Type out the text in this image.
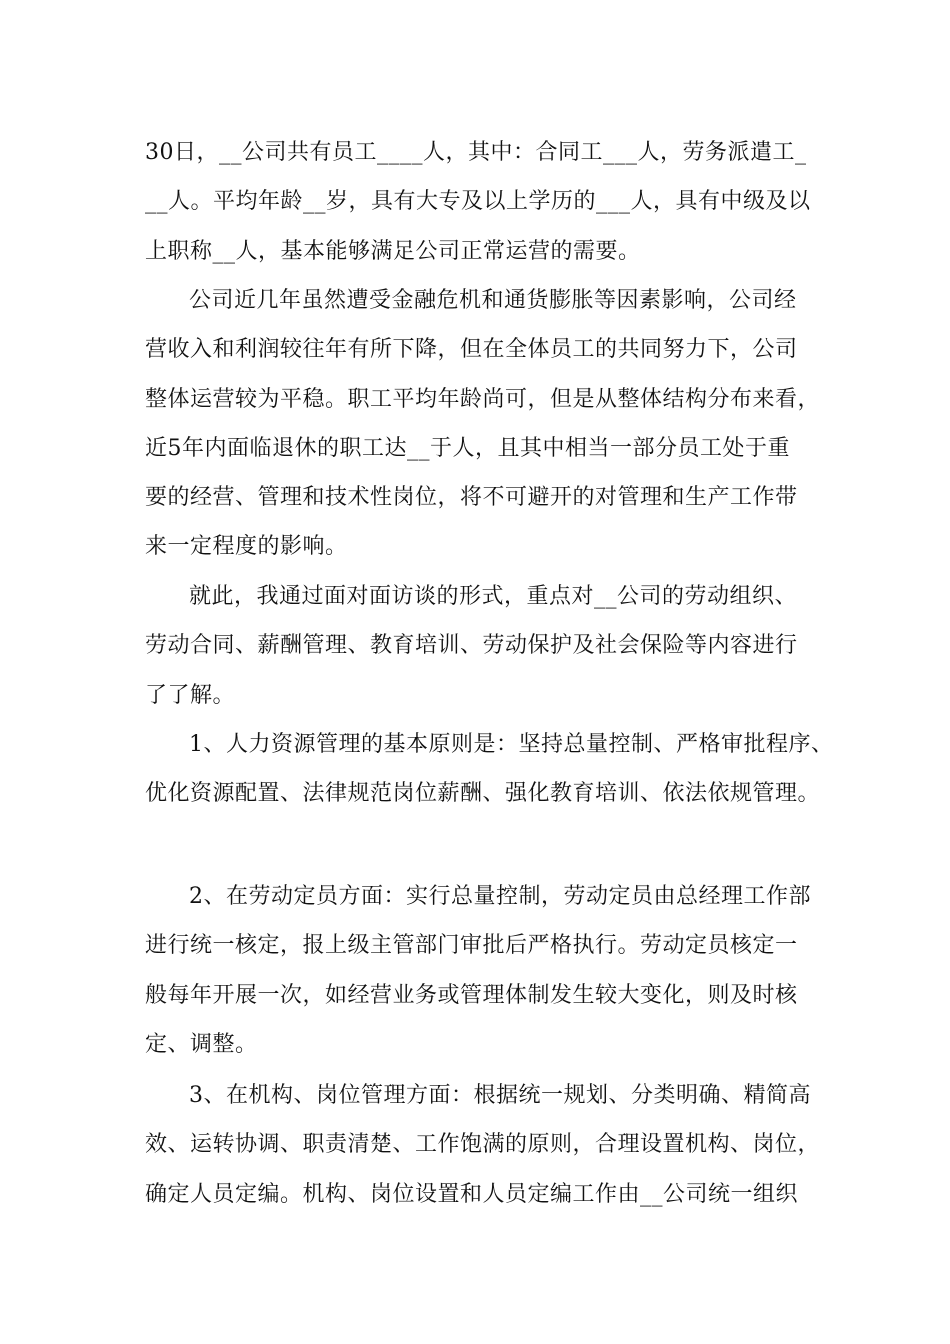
30日，__公司共有员工____人，其中：合同工___人，劳务派遣工_
__人。平均年龄__岁，具有大专及以上学历的___人，具有中级及以
上职称__人，基本能够满足公司正常运营的需要。
公司近几年虽然遭受金融危机和通货膨胀等因素影响，公司经
营收入和利润较往年有所下降，但在全体员工的共同努力下，公司
整体运营较为平稳。职工平均年龄尚可，但是从整体结构分布来看，
近5年内面临退休的职工达__于人，且其中相当一部分员工处于重
要的经营、管理和技术性岗位，将不可避开的对管理和生产工作带
来一定程度的影响。
就此，我通过面对面访谈的形式，重点对__公司的劳动组织、
劳动合同、薪酬管理、教育培训、劳动保护及社会保险等内容进行
了了解。
1、人力资源管理的基本原则是：坚持总量控制、严格审批程序、
优化资源配置、法律规范岗位薪酬、强化教育培训、依法依规管理。
2、在劳动定员方面：实行总量控制，劳动定员由总经理工作部
进行统一核定，报上级主管部门审批后严格执行。劳动定员核定一
般每年开展一次，如经营业务或管理体制发生较大变化，则及时核
定、调整。
3、在机构、岗位管理方面：根据统一规划、分类明确、精简高
效、运转协调、职责清楚、工作饱满的原则，合理设置机构、岗位，
确定人员定编。机构、岗位设置和人员定编工作由__公司统一组织
